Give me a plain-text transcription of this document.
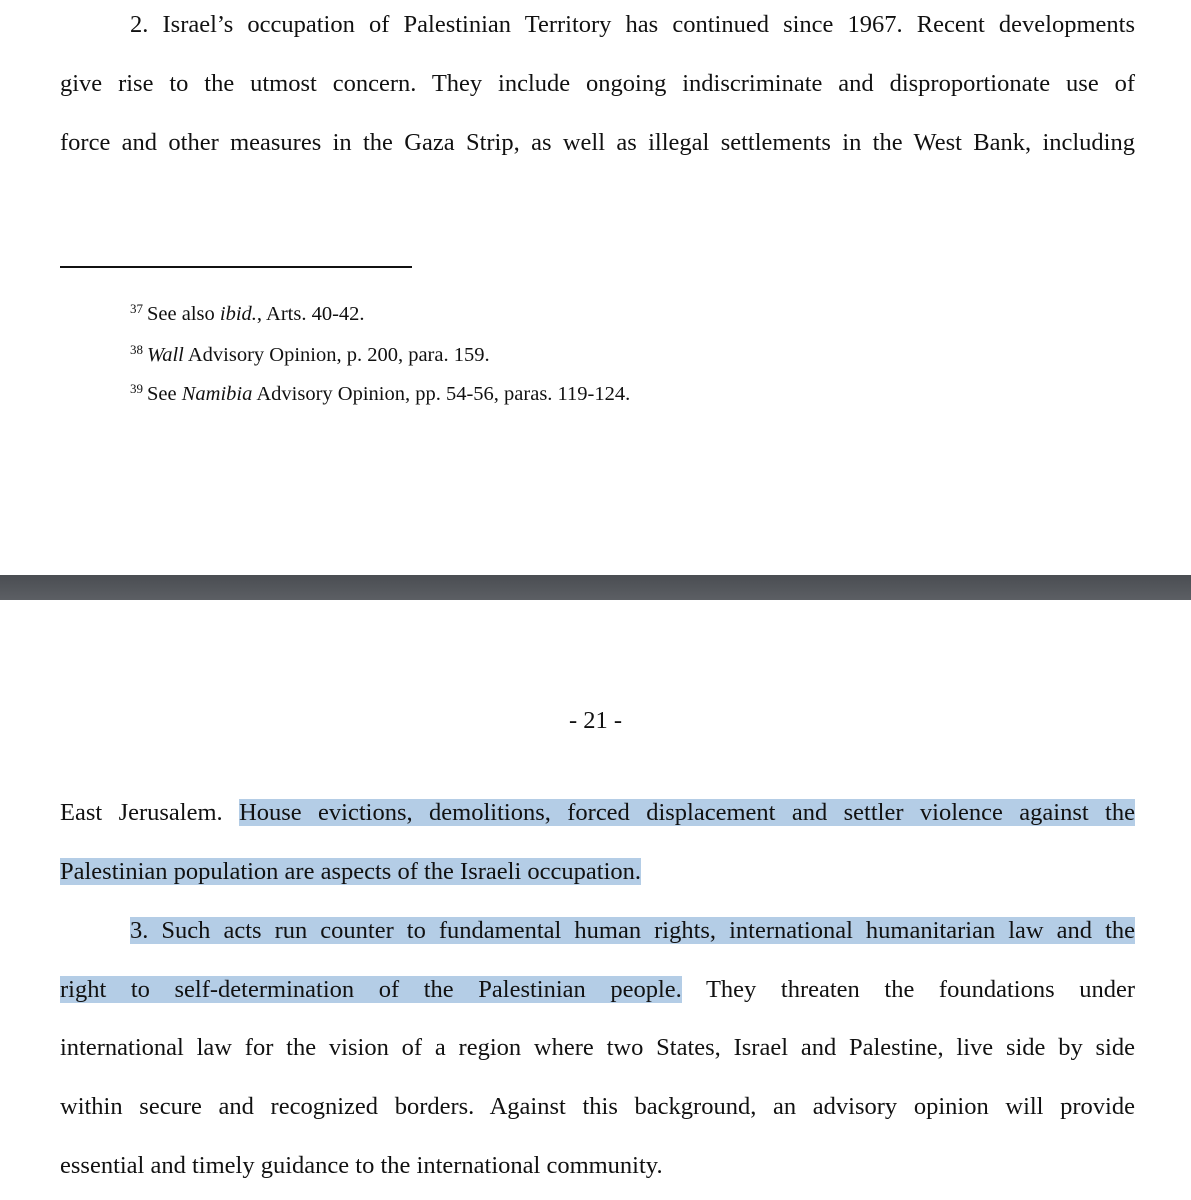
2. Israel’s occupation of Palestinian Territory has continued since 1967. Recent developments
give rise to the utmost concern. They include ongoing indiscriminate and disproportionate use of
force and other measures in the Gaza Strip, as well as illegal settlements in the West Bank, including
$^{37}$ See also ibid., Arts. 40-42.
$^{38}$ Wall Advisory Opinion, p. 200, para. 159.
$^{39}$ See Namibia Advisory Opinion, pp. 54-56, paras. 119-124.
- 21 -
East Jerusalem. House evictions, demolitions, forced displacement and settler violence against the
Palestinian population are aspects of the Israeli occupation.
3. Such acts run counter to fundamental human rights, international humanitarian law and the
right to self-determination of the Palestinian people. They threaten the foundations under
international law for the vision of a region where two States, Israel and Palestine, live side by side
within secure and recognized borders. Against this background, an advisory opinion will provide
essential and timely guidance to the international community.
